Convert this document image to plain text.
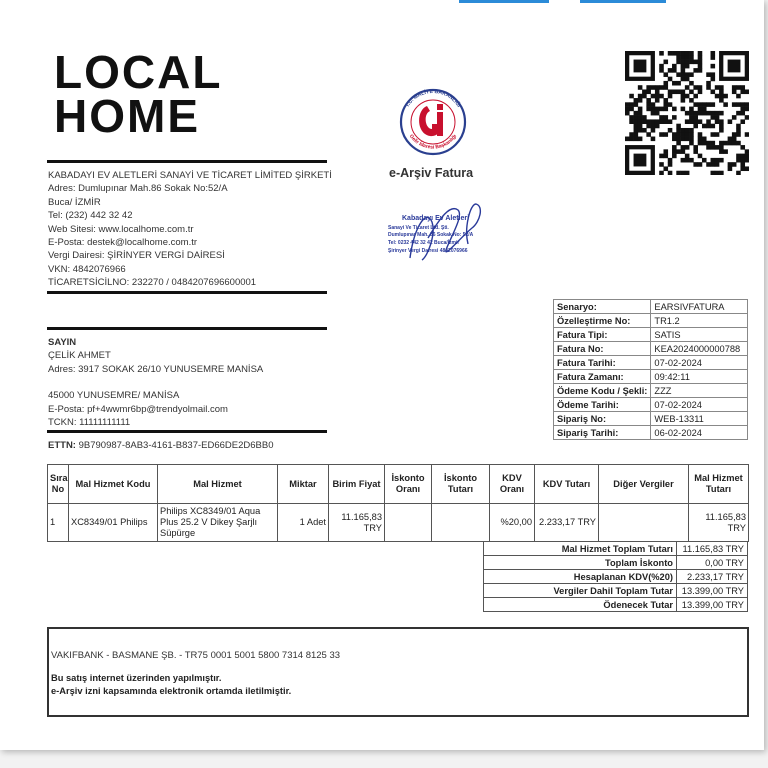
LOCAL
HOME
KABADAYI EV ALETLERİ SANAYİ VE TİCARET LİMİTED ŞİRKETİ
Adres: Dumlupınar Mah.86 Sokak No:52/A
Buca/ İZMİR
Tel: (232) 442 32 42
Web Sitesi: www.localhome.com.tr
E-Posta: destek@localhome.com.tr
Vergi Dairesi: ŞİRİNYER VERGİ DAİRESİ
VKN: 4842076966
TİCARETSİCİLNO: 232270 / 0484207696600001
SAYIN
ÇELİK AHMET
Adres: 3917 SOKAK 26/10 YUNUSEMRE MANİSA
45000 YUNUSEMRE/ MANİSA
E-Posta: pf+4wwmr6bp@trendyolmail.com
TCKN: 11111111111
T.C. MALİYE BAKANLIĞI
Gelir İdaresi Başkanlığı
e-Arşiv Fatura
Kabadayı Ev Aletleri
Sanayi Ve Ticaret Ltd. Şti.
Dumlupınar Mah. 86 Sokak No: 52/A
Tel: 0232 442 32 42 Buca/İzmir
Şirinyer Vergi Dairesi 4842076966
Senaryo:	EARSIVFATURA
Özelleştirme No:	TR1.2
Fatura Tipi:	SATIS
Fatura No:	KEA2024000000788
Fatura Tarihi:	07-02-2024
Fatura Zamanı:	09:42:11
Ödeme Kodu / Şekli:	ZZZ
Ödeme Tarihi:	07-02-2024
Sipariş No:	WEB-13311
Sipariş Tarihi:	06-02-2024
ETTN: 9B790987-8AB3-4161-B837-ED66DE2D6BB0
Sıra No	Mal Hizmet Kodu	Mal Hizmet	Miktar	Birim Fiyat	İskonto Oranı	İskonto Tutarı	KDV Oranı	KDV Tutarı	Diğer Vergiler	Mal Hizmet Tutarı
1	XC8349/01 Philips	Philips XC8349/01 Aqua Plus 25.2 V Dikey Şarjlı Süpürge	1 Adet	11.165,83 TRY			%20,00	2.233,17 TRY		11.165,83 TRY
Mal Hizmet Toplam Tutarı	11.165,83 TRY
Toplam İskonto	0,00 TRY
Hesaplanan KDV(%20)	2.233,17 TRY
Vergiler Dahil Toplam Tutar	13.399,00 TRY
Ödenecek Tutar	13.399,00 TRY
VAKIFBANK - BASMANE ŞB. - TR75 0001 5001 5800 7314 8125 33
Bu satış internet üzerinden yapılmıştır.
e-Arşiv izni kapsamında elektronik ortamda iletilmiştir.
